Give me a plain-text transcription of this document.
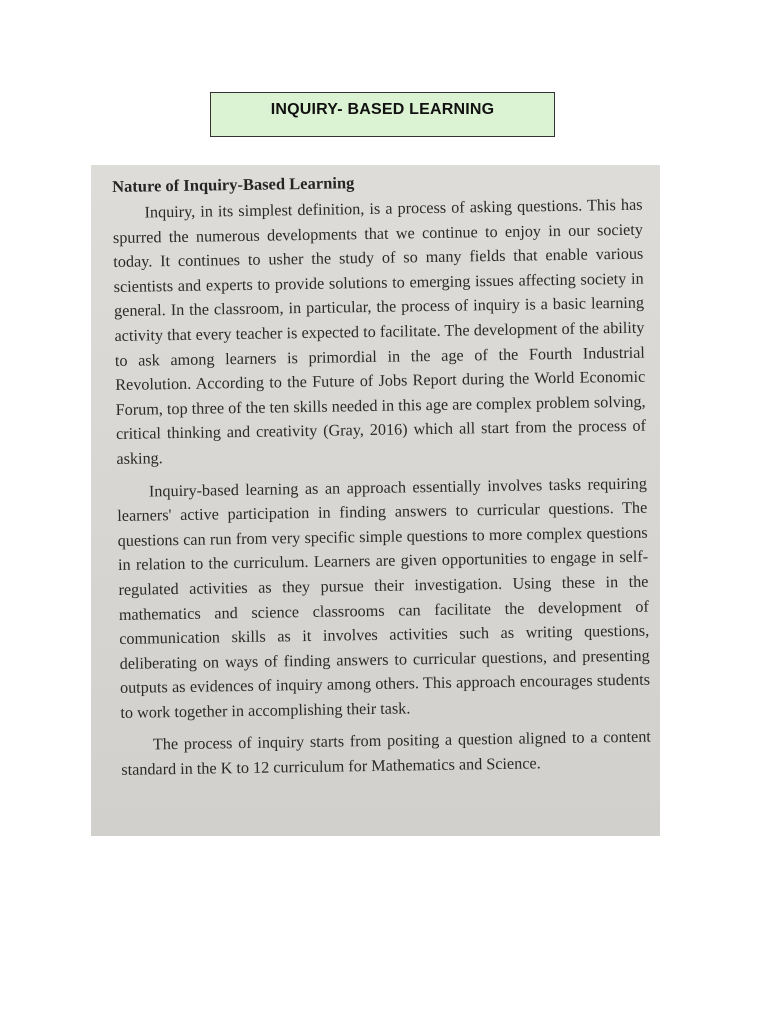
INQUIRY- BASED LEARNING
Nature of Inquiry-Based Learning

Inquiry, in its simplest definition, is a process of asking questions. This has spurred the numerous developments that we continue to enjoy in our society today. It continues to usher the study of so many fields that enable various scientists and experts to provide solutions to emerging issues affecting society in general. In the classroom, in particular, the process of inquiry is a basic learning activity that every teacher is expected to facilitate. The development of the ability to ask among learners is primordial in the age of the Fourth Industrial Revolution. According to the Future of Jobs Report during the World Economic Forum, top three of the ten skills needed in this age are complex problem solving, critical thinking and creativity (Gray, 2016) which all start from the process of asking.

Inquiry-based learning as an approach essentially involves tasks requiring learners' active participation in finding answers to curricular questions. The questions can run from very specific simple questions to more complex questions in relation to the curriculum. Learners are given opportunities to engage in self-regulated activities as they pursue their investigation. Using these in the mathematics and science classrooms can facilitate the development of communication skills as it involves activities such as writing questions, deliberating on ways of finding answers to curricular questions, and presenting outputs as evidences of inquiry among others. This approach encourages students to work together in accomplishing their task.

The process of inquiry starts from positing a question aligned to a content standard in the K to 12 curriculum for Mathematics and Science.
